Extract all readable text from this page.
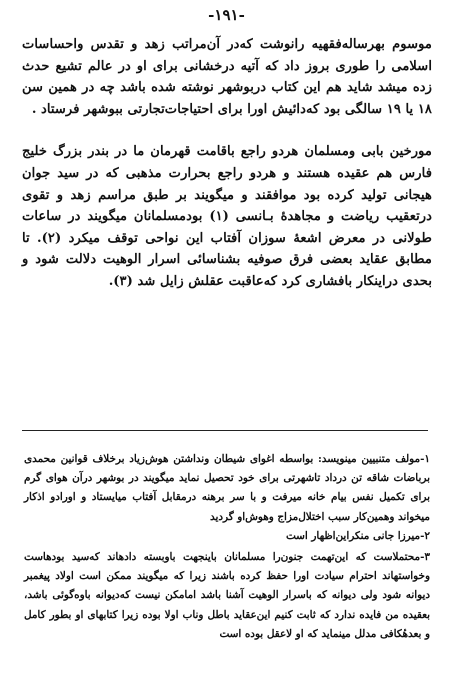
-۱۹۱-

موسوم بهرساله‌فقهیه رانوشت که‌در آن‌مراتب زهد و تقدس واحساسات اسلامی را طوری بروز داد که آتیه درخشانی برای او در عالم تشیع حدث زده میشد شاید هم این کتاب دربوشهر نوشته شده باشد چه در همین سن ۱۸ یا ۱۹ سالگی بود که‌دائیش اورا برای احتیاجات‌تجارتی ببوشهر فرستاد .

مورخین بابی ومسلمان هردو راجع باقامت قهرمان ما در بندر بزرگ خلیج فارس هم عقیده هستند و هردو راجع بحرارت مذهبی که در سید جوان هیجانی تولید کرده بود موافقند و میگویند بر طبق مراسم زهد و تقوی درتعقیب ریاضت و مجاهدهٔ بـانسی (۱) بودمسلمانان میگویند در ساعات طولانی در معرض اشعهٔ سوزان آفتاب این نواحی توقف میکرد (۲). تا مطابق عقاید بعضی فرق صوفیه بشناسائی اسرار الوهیت دلالت شود و بحدی دراینکار بافشاری کرد که‌عاقبت عقلش زایل شد (۳).

۱-مولف متنبیین مینویسد: بواسطه اغوای شیطان ونداشتن هوش‌زیاد برخلاف قوانین محمدی برباضات شاقه تن درداد تاشهرتی برای خود تحصیل نماید میگویند در بوشهر درآن هوای گرم برای تکمیل نفس بیام خانه میرفت و با سر برهنه درمقابل آفتاب میایستاد و اورادو اذکار میخواند وهمین‌کار سبب اختلال‌مزاج وهوش‌او گردید

۲-میرزا جانی منکراین‌اظهار است

۳-محتملاست که این‌تهمت جنون‌را مسلمانان باینجهت باوبسته دادهاند که‌سید بودهاست وخواستهاند احترام سیادت اورا حفظ کرده باشند زیرا که میگویند ممکن است اولاد پیغمبر دیوانه شود ولی دیوانه که باسرار الوهیت آشنا باشد امامکن نیست که‌دیوانه باوه‌گوئی باشد، بعقیده من فایده ندارد که ثابت کنیم این‌عقاید باطل وناب اولا بوده زیرا کتابهای او بطور کامل و بعدهٔکافی مدلل مینماید که او لاعقل بوده است
